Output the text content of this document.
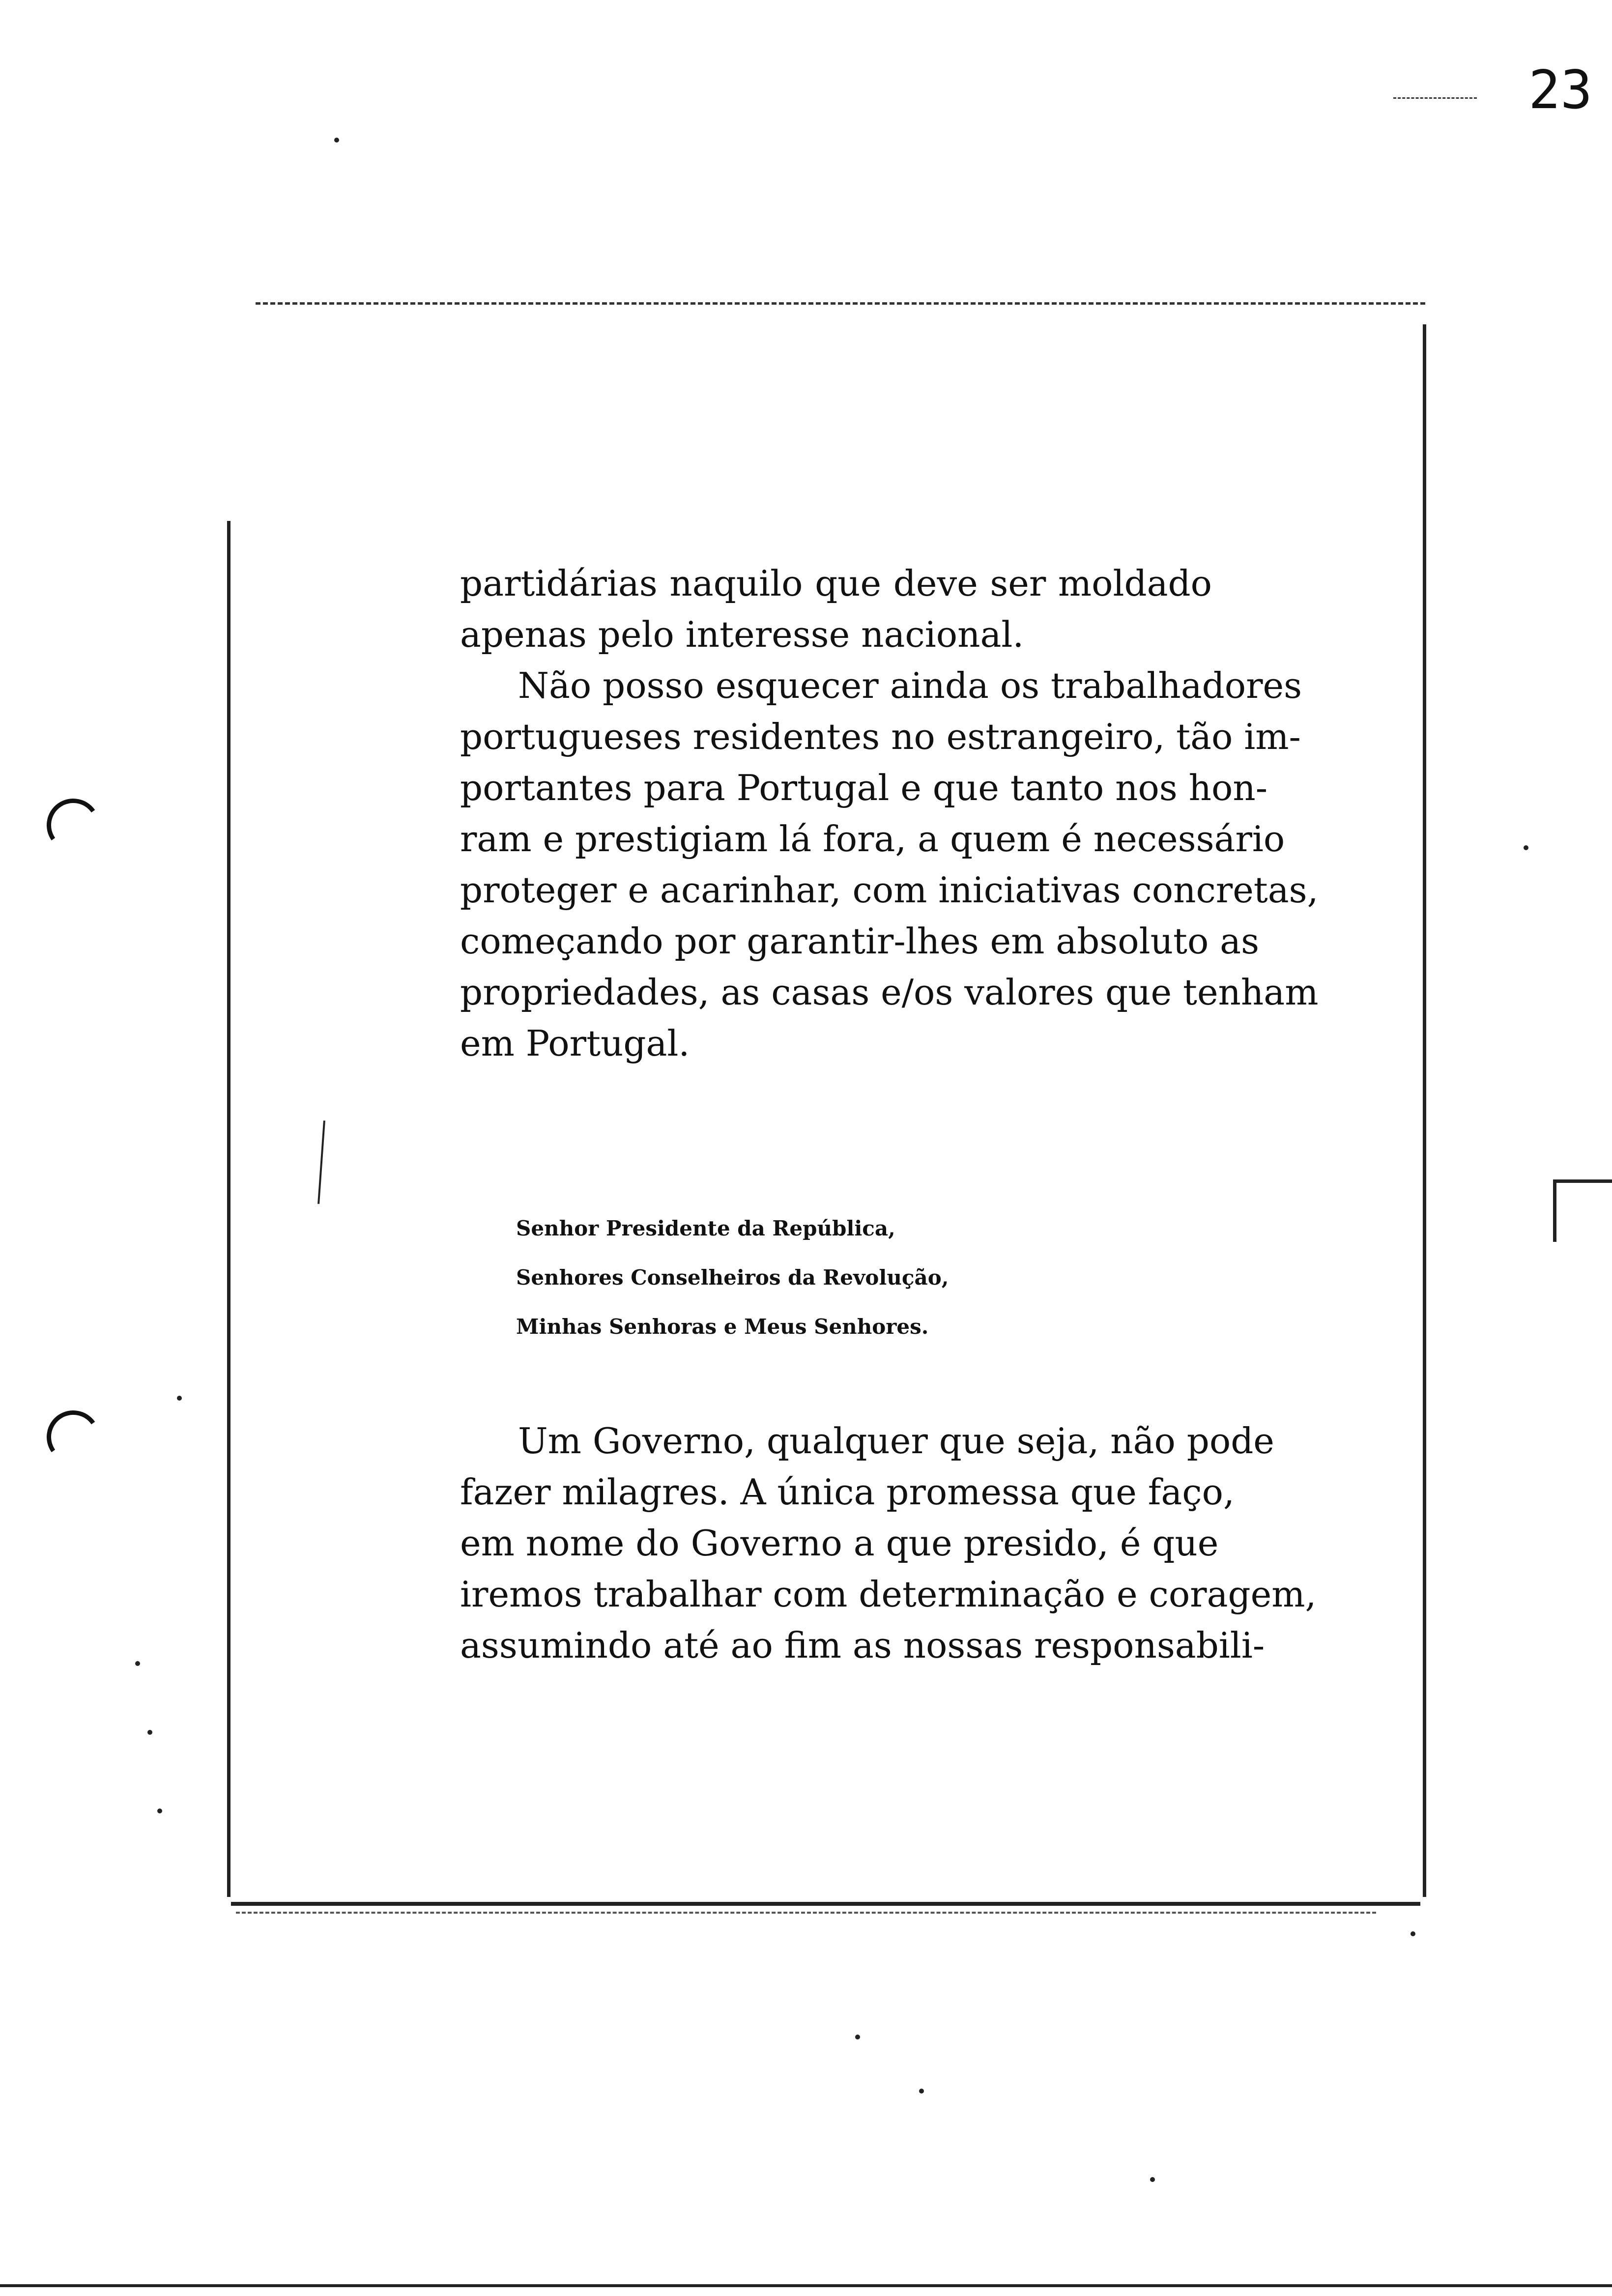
23

partidárias naquilo que deve ser moldado
apenas pelo interesse nacional.

Não posso esquecer ainda os trabalhadores
portugueses residentes no estrangeiro, tão im-
portantes para Portugal e que tanto nos hon-
ram e prestigiam lá fora, a quem é necessário
proteger e acarinhar, com iniciativas concretas,
começando por garantir-lhes em absoluto as
propriedades, as casas e/os valores que tenham
em Portugal.

Senhor Presidente da República,
Senhores Conselheiros da Revolução,
Minhas Senhoras e Meus Senhores.

Um Governo, qualquer que seja, não pode
fazer milagres. A única promessa que faço,
em nome do Governo a que presido, é que
iremos trabalhar com determinação e coragem,
assumindo até ao fim as nossas responsabili-
